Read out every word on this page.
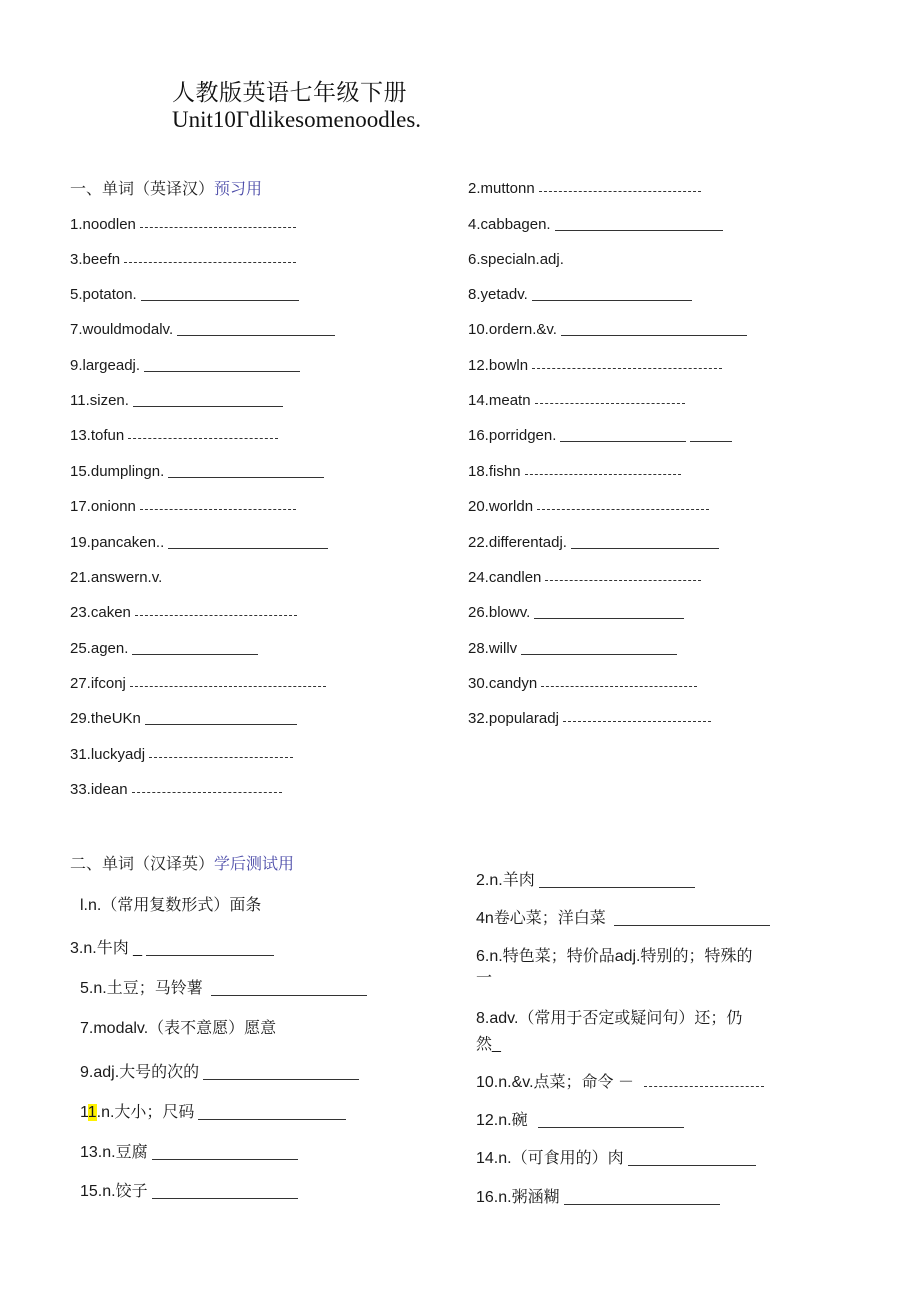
人教版英语七年级下册
Unit10Γdlikesomenoodles.
一、单词（英译汉）预习用
1.noodlen
3.beefn
5.potaton.
7.wouldmodalv.
9.largeadj.
11.sizen.
13.tofun
15.dumplingn.
17.onionn
19.pancaken..
21.answern.v.
23.caken
25.agen.
27.ifconj
29.theUKn
31.luckyadj
33.idean
2.muttonn
4.cabbagen.
6.specialn.adj.
8.yetadv.
10.ordern.&v.
12.bowln
14.meatn
16.porridgen.
18.fishn
20.worldn
22.differentadj.
24.candlen
26.blowv.
28.willv
30.candyn
32.popularadj
二、单词（汉译英）学后测试用
l.n.（常用复数形式）面条
3.n.牛肉 _
5.n.土豆；马铃薯
7.modalv.（表不意愿）愿意
9.adj.大号的次的
11.n.大小；尺码
13.n.豆腐
15.n.饺子
2.n.羊肉
4n卷心菜；洋白菜
6.n.特色菜；特价品adj.特别的；特殊的
一
8.adv.（常用于否定或疑问句）还；仍
然_
10.n.&v.点菜；命令 －
12.n.碗
14.n.（可食用的）肉
16.n.粥涵糊
